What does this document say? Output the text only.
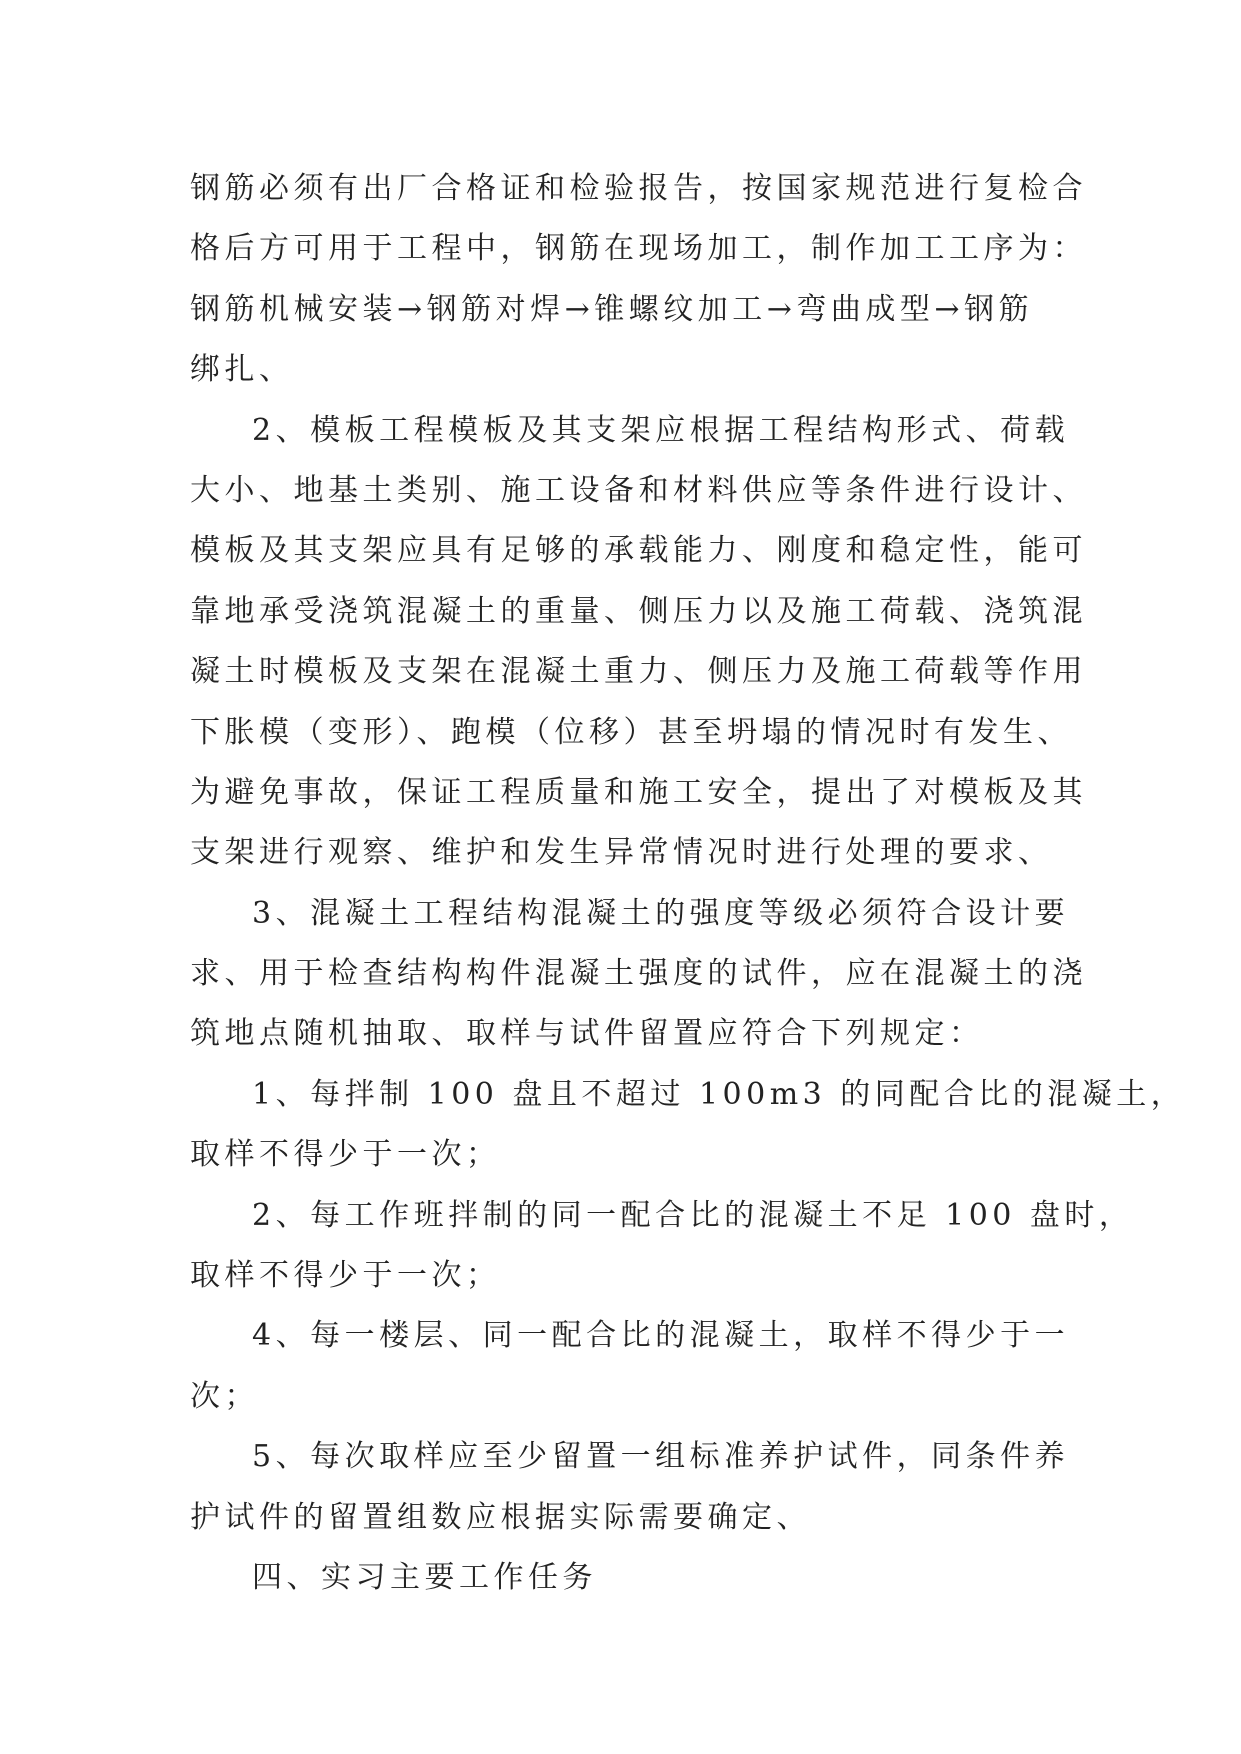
钢筋必须有出厂合格证和检验报告，按国家规范进行复检合
格后方可用于工程中，钢筋在现场加工，制作加工工序为：
钢筋机械安装→钢筋对焊→锥螺纹加工→弯曲成型→钢筋
绑扎、
2、模板工程模板及其支架应根据工程结构形式、荷载
大小、地基土类别、施工设备和材料供应等条件进行设计、
模板及其支架应具有足够的承载能力、刚度和稳定性，能可
靠地承受浇筑混凝土的重量、侧压力以及施工荷载、浇筑混
凝土时模板及支架在混凝土重力、侧压力及施工荷载等作用
下胀模（变形）、跑模（位移）甚至坍塌的情况时有发生、
为避免事故，保证工程质量和施工安全，提出了对模板及其
支架进行观察、维护和发生异常情况时进行处理的要求、
3、混凝土工程结构混凝土的强度等级必须符合设计要
求、用于检查结构构件混凝土强度的试件，应在混凝土的浇
筑地点随机抽取、取样与试件留置应符合下列规定：
1、每拌制 100 盘且不超过 100m3 的同配合比的混凝土，
取样不得少于一次；
2、每工作班拌制的同一配合比的混凝土不足 100 盘时，
取样不得少于一次；
4、每一楼层、同一配合比的混凝土，取样不得少于一
次；
5、每次取样应至少留置一组标准养护试件，同条件养
护试件的留置组数应根据实际需要确定、
四、实习主要工作任务
